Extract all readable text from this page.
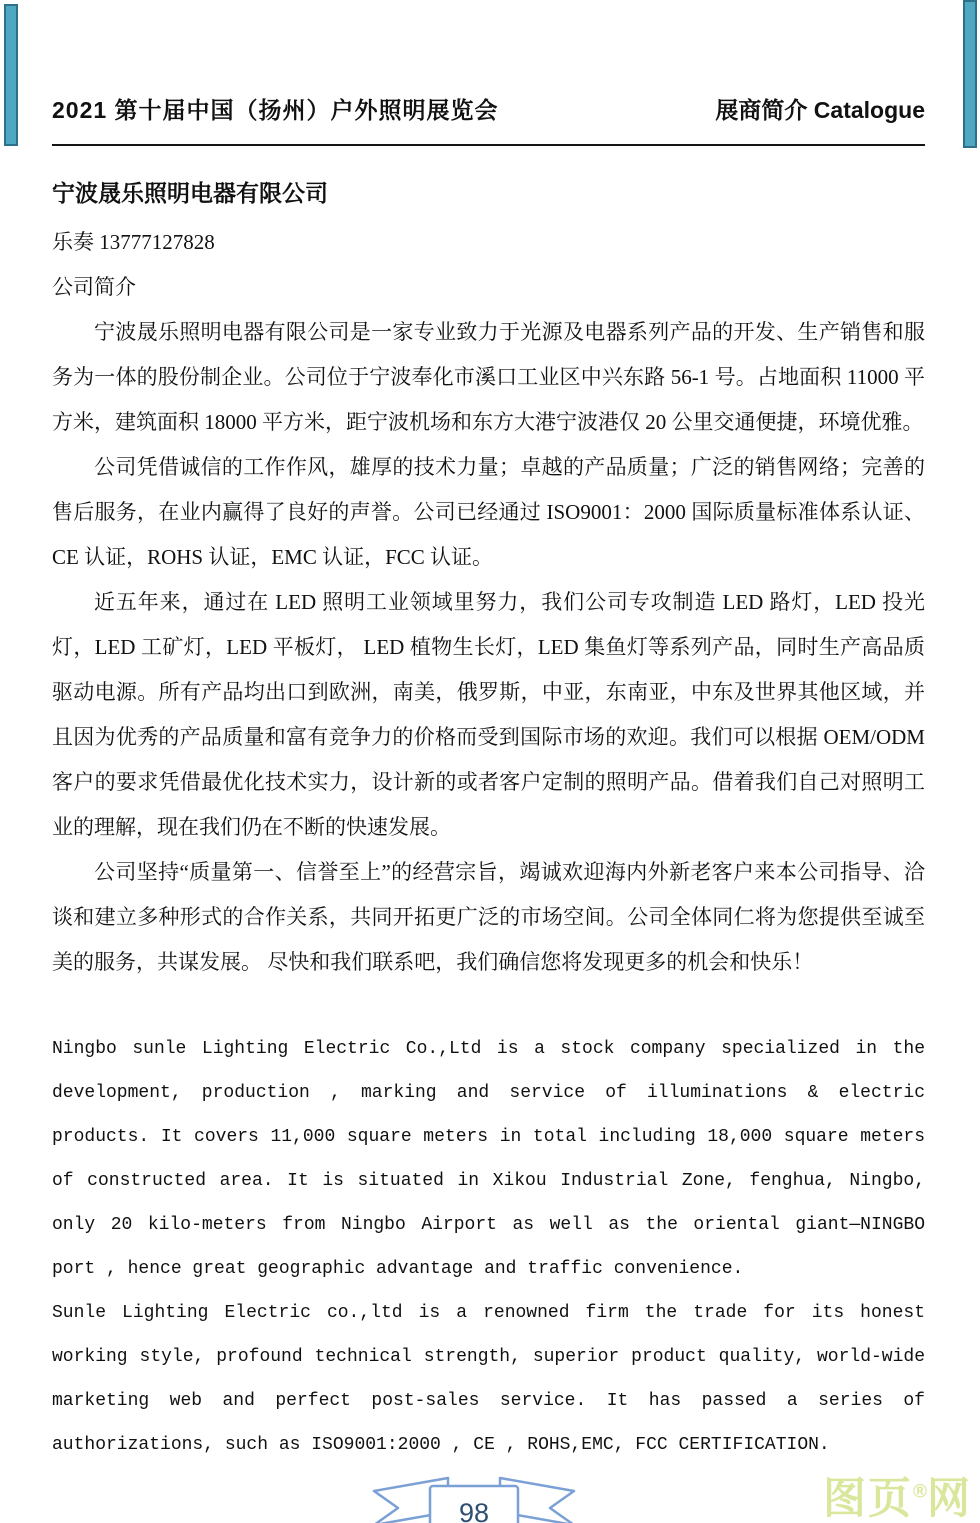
2021 第十届中国（扬州）户外照明展览会	展商简介 Catalogue
宁波晟乐照明电器有限公司

乐奏 13777127828

公司简介

宁波晟乐照明电器有限公司是一家专业致力于光源及电器系列产品的开发、生产销售和服务为一体的股份制企业。公司位于宁波奉化市溪口工业区中兴东路 56-1 号。占地面积 11000 平方米，建筑面积 18000 平方米，距宁波机场和东方大港宁波港仅 20 公里交通便捷，环境优雅。

公司凭借诚信的工作作风，雄厚的技术力量；卓越的产品质量；广泛的销售网络；完善的售后服务，在业内赢得了良好的声誉。公司已经通过 ISO9001：2000 国际质量标准体系认证、CE 认证，ROHS 认证，EMC 认证，FCC 认证。

近五年来，通过在 LED 照明工业领域里努力，我们公司专攻制造 LED 路灯，LED 投光灯，LED 工矿灯，LED 平板灯， LED 植物生长灯，LED 集鱼灯等系列产品，同时生产高品质驱动电源。所有产品均出口到欧洲，南美，俄罗斯，中亚，东南亚，中东及世界其他区域，并且因为优秀的产品质量和富有竞争力的价格而受到国际市场的欢迎。我们可以根据 OEM/ODM 客户的要求凭借最优化技术实力，设计新的或者客户定制的照明产品。借着我们自己对照明工业的理解，现在我们仍在不断的快速发展。

公司坚持“质量第一、信誉至上”的经营宗旨，竭诚欢迎海内外新老客户来本公司指导、洽谈和建立多种形式的合作关系，共同开拓更广泛的市场空间。公司全体同仁将为您提供至诚至美的服务，共谋发展。 尽快和我们联系吧，我们确信您将发现更多的机会和快乐！

Ningbo sunle Lighting Electric Co.,Ltd is a stock company specialized in the development, production , marking and service of illuminations & electric products. It covers 11,000 square meters in total including 18,000 square meters of constructed area. It is situated in Xikou Industrial Zone, fenghua, Ningbo, only 20 kilo-meters from Ningbo Airport as well as the oriental giant—NINGBO port , hence great geographic advantage and traffic convenience.

Sunle Lighting Electric co.,ltd is a renowned firm the trade for its honest working style, profound technical strength, superior product quality, world-wide marketing web and perfect post-sales service. It has passed a series of authorizations, such as ISO9001:2000 , CE , ROHS,EMC, FCC CERTIFICATION.

98	图页®网
